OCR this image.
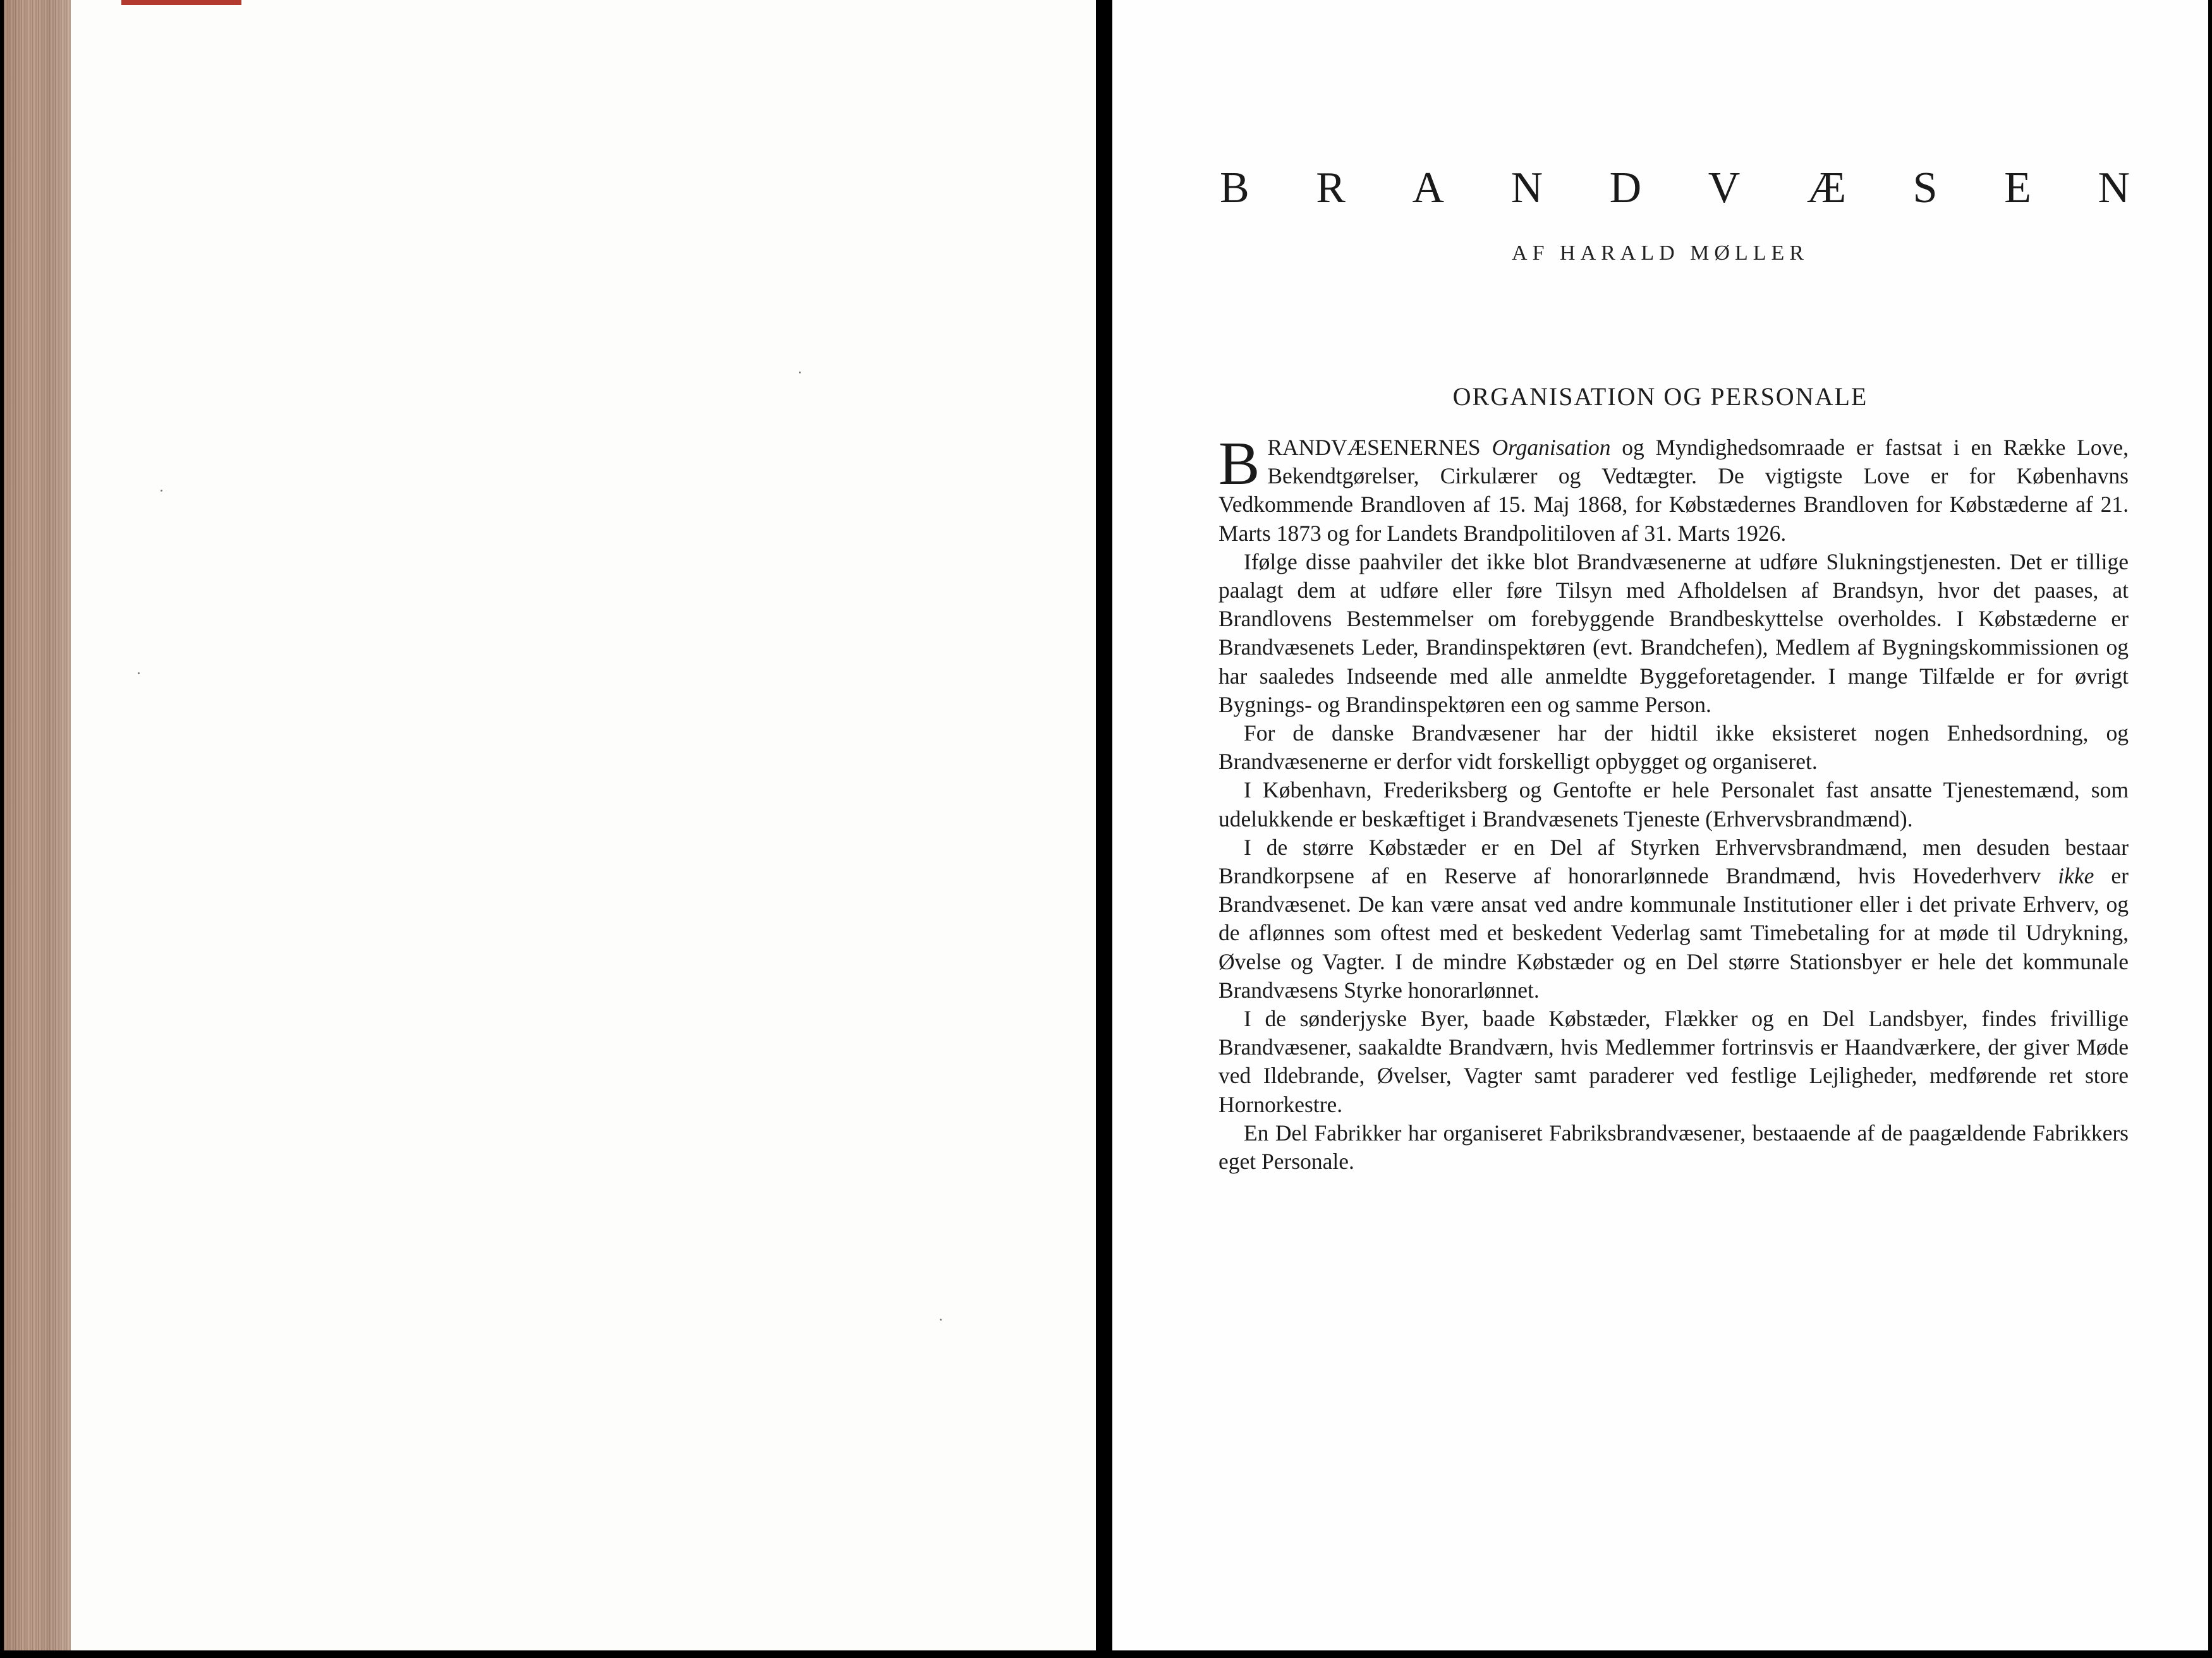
B R A N D V Æ S E N
AF HARALD MØLLER
ORGANISATION OG PERSONALE

BRANDVÆSENERNES Organisation og Myndighedsomraade er fastsat i en Række Love, Bekendtgørelser, Cirkulærer og Vedtægter. De vigtigste Love er for Københavns Vedkommende Brandloven af 15. Maj 1868, for Købstædernes Brandloven for Købstæderne af 21. Marts 1873 og for Landets Brandpolitiloven af 31. Marts 1926.

Ifølge disse paahviler det ikke blot Brandvæsenerne at udføre Slukningstjenesten. Det er tillige paalagt dem at udføre eller føre Tilsyn med Afholdelsen af Brandsyn, hvor det paases, at Brandlovens Bestemmelser om forebyggende Brandbeskyttelse overholdes. I Købstæderne er Brandvæsenets Leder, Brandinspektøren (evt. Brandchefen), Medlem af Bygningskommissionen og har saaledes Indseende med alle anmeldte Byggeforetagender. I mange Tilfælde er for øvrigt Bygnings- og Brandinspektøren een og samme Person.

For de danske Brandvæsener har der hidtil ikke eksisteret nogen Enhedsordning, og Brandvæsenerne er derfor vidt forskelligt opbygget og organiseret.

I København, Frederiksberg og Gentofte er hele Personalet fast ansatte Tjenestemænd, som udelukkende er beskæftiget i Brandvæsenets Tjeneste (Erhvervsbrandmænd).

I de større Købstæder er en Del af Styrken Erhvervsbrandmænd, men desuden bestaar Brandkorpsene af en Reserve af honorarlønnede Brandmænd, hvis Hovederhverv ikke er Brandvæsenet. De kan være ansat ved andre kommunale Institutioner eller i det private Erhverv, og de aflønnes som oftest med et beskedent Vederlag samt Timebetaling for at møde til Udrykning, Øvelse og Vagter. I de mindre Købstæder og en Del større Stationsbyer er hele det kommunale Brandvæsens Styrke honorarlønnet.

I de sønderjyske Byer, baade Købstæder, Flækker og en Del Landsbyer, findes frivillige Brandvæsener, saakaldte Brandværn, hvis Medlemmer fortrinsvis er Haandværkere, der giver Møde ved Ildebrande, Øvelser, Vagter samt paraderer ved festlige Lejligheder, medførende ret store Hornorkestre.

En Del Fabrikker har organiseret Fabriksbrandvæsener, bestaaende af de paagældende Fabrikkers eget Personale.
